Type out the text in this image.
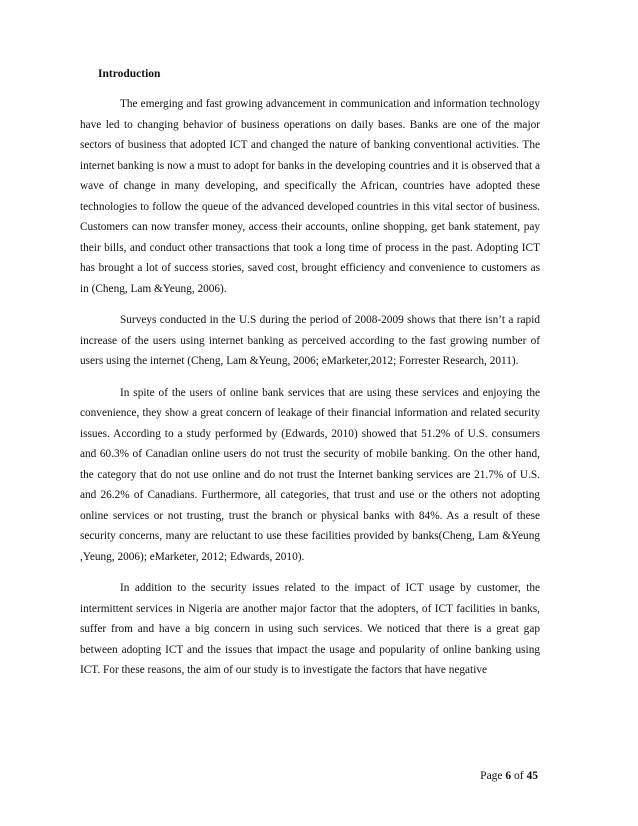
Introduction

The emerging and fast growing advancement in communication and information technology have led to changing behavior of business operations on daily bases. Banks are one of the major sectors of business that adopted ICT and changed the nature of banking conventional activities. The internet banking is now a must to adopt for banks in the developing countries and it is observed that a wave of change in many developing, and specifically the African, countries have adopted these technologies to follow the queue of the advanced developed countries in this vital sector of business. Customers can now transfer money, access their accounts, online shopping, get bank statement, pay their bills, and conduct other transactions that took a long time of process in the past. Adopting ICT has brought a lot of success stories, saved cost, brought efficiency and convenience to customers as in (Cheng, Lam &Yeung, 2006).

Surveys conducted in the U.S during the period of 2008-2009 shows that there isn’t a rapid increase of the users using internet banking as perceived according to the fast growing number of users using the internet (Cheng, Lam &Yeung, 2006; eMarketer,2012; Forrester Research, 2011).

In spite of the users of online bank services that are using these services and enjoying the convenience, they show a great concern of leakage of their financial information and related security issues. According to a study performed by (Edwards, 2010) showed that 51.2% of U.S. consumers and 60.3% of Canadian online users do not trust the security of mobile banking. On the other hand, the category that do not use online and do not trust the Internet banking services are 21.7% of U.S. and 26.2% of Canadians. Furthermore, all categories, that trust and use or the others not adopting online services or not trusting, trust the branch or physical banks with 84%. As a result of these security concerns, many are reluctant to use these facilities provided by banks(Cheng, Lam &Yeung ,Yeung, 2006); eMarketer, 2012; Edwards, 2010).

In addition to the security issues related to the impact of ICT usage by customer, the intermittent services in Nigeria are another major factor that the adopters, of ICT facilities in banks, suffer from and have a big concern in using such services. We noticed that there is a great gap between adopting ICT and the issues that impact the usage and popularity of online banking using ICT. For these reasons, the aim of our study is to investigate the factors that have negative

Page 6 of 45
